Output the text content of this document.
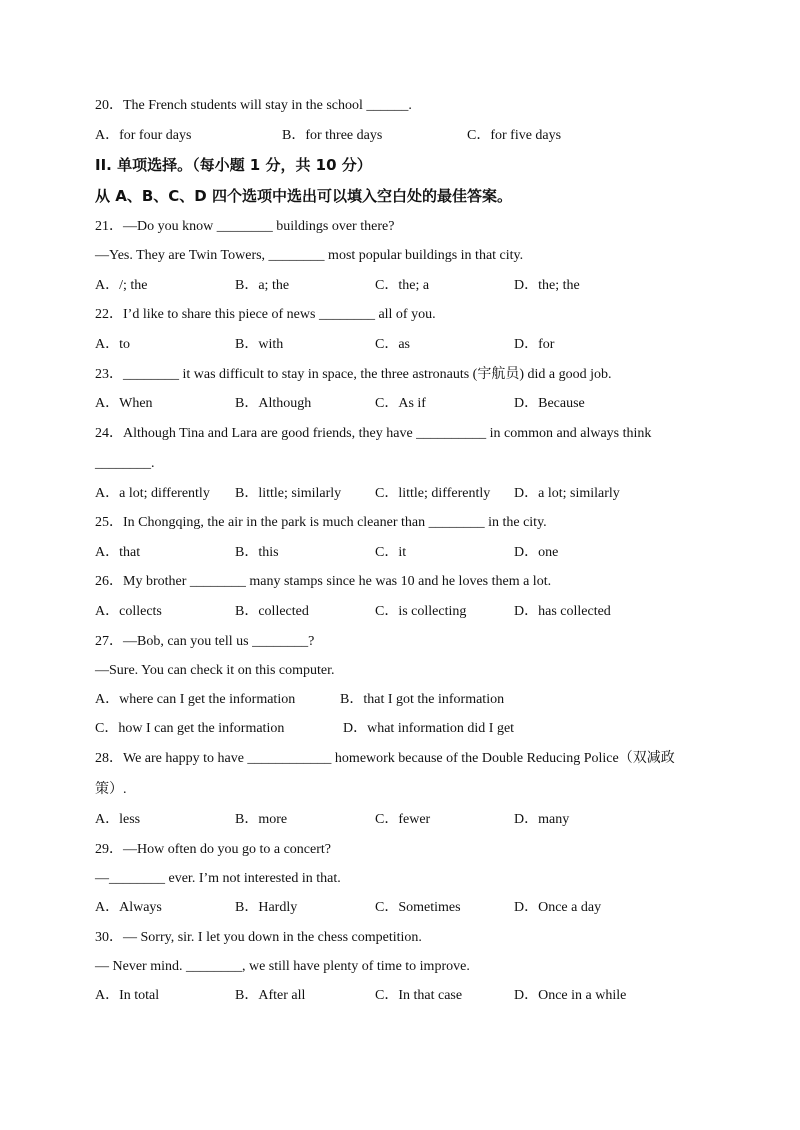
20．The French students will stay in the school ______.
A．for four days	B．for three days	C．for five days
II. 单项选择。（每小题 1 分，共 10 分）
从 A、B、C、D 四个选项中选出可以填入空白处的最佳答案。
21．—Do you know ________ buildings over there?
—Yes. They are Twin Towers, ________ most popular buildings in that city.
A．/; the	B．a; the	C．the; a	D．the; the
22．I’d like to share this piece of news ________ all of you.
A．to	B．with	C．as	D．for
23．________ it was difficult to stay in space, the three astronauts (宇航员) did a good job.
A．When	B．Although	C．As if	D．Because
24．Although Tina and Lara are good friends, they have __________ in common and always think
________.
A．a lot; differently B．little; similarly C．little; differently D．a lot; similarly
25．In Chongqing, the air in the park is much cleaner than ________ in the city.
A．that	B．this	C．it	D．one
26．My brother ________ many stamps since he was 10 and he loves them a lot.
A．collects	B．collected	C．is collecting	D．has collected
27．—Bob, can you tell us ________?
—Sure. You can check it on this computer.
A．where can I get the information	B．that I got the information
C．how I can get the information	D．what information did I get
28．We are happy to have ____________ homework because of the Double Reducing Police（双减政
策）.
A．less	B．more	C．fewer	D．many
29．—How often do you go to a concert?
—________ ever. I’m not interested in that.
A．Always	B．Hardly	C．Sometimes	D．Once a day
30．— Sorry, sir. I let you down in the chess competition.
— Never mind. ________, we still have plenty of time to improve.
A．In total	B．After all	C．In that case	D．Once in a while
